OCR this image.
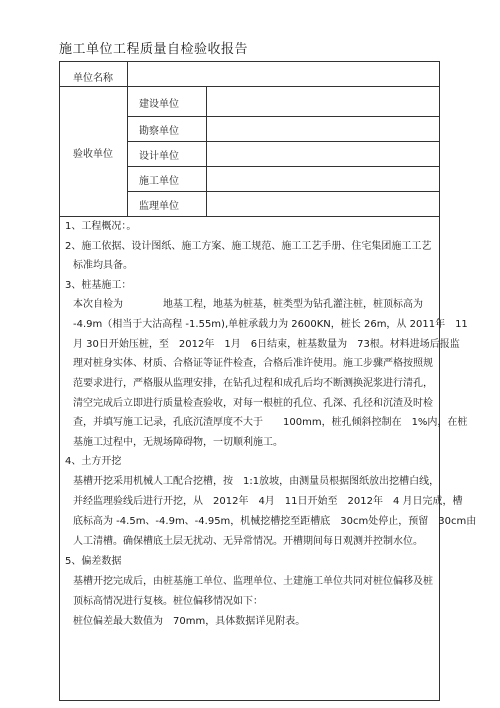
施工单位工程质量自检验收报告
单位名称
验收单位
建设单位
勘察单位
设计单位
施工单位
监理单位
1、工程概况：。
2、施工依据、设计图纸、施工方案、施工规范、施工工艺手册、住宅集团施工工艺
标准均具备。
3、桩基施工：
本次自检为　　　　地基工程，地基为桩基，桩类型为钻孔灌注桩，桩顶标高为
-4.9m（相当于大沽高程 -1.55m),单桩承载力为 2600KN，桩长 26m，从 2011年　11
月 30日开始压桩，至　2012年　1月　6日结束，桩基数量为　73根。材料进场后报监
理对桩身实体、材质、合格证等证件检查，合格后准许使用。施工步骤严格按照规
范要求进行，严格服从监理安排，在钻孔过程和成孔后均不断测换泥浆进行清孔，
清空完成后立即进行质量检查验收，对每一根桩的孔位、孔深、孔径和沉渣及时检
查，并填写施工记录，孔底沉渣厚度不大于　　100mm，桩孔倾斜控制在　1%内，在桩
基施工过程中，无规场障碍物，一切顺利施工。
4、土方开挖
基槽开挖采用机械人工配合挖槽，按　1:1放坡，由测量员根据图纸放出挖槽白线，
并经监理验线后进行开挖，从　2012年　4月　11日开始至　2012年　4 月日完成，槽
底标高为 -4.5m、-4.9m、-4.95m，机械挖槽挖至距槽底　30cm处停止，预留　30cm由
人工清槽。确保槽底土层无扰动、无异常情况。开槽期间每日观测并控制水位。
5、偏差数据
基槽开挖完成后，由桩基施工单位、监理单位、土建施工单位共同对桩位偏移及桩
顶标高情况进行复核。桩位偏移情况如下：
桩位偏差最大数值为　70mm，具体数据详见附表。
